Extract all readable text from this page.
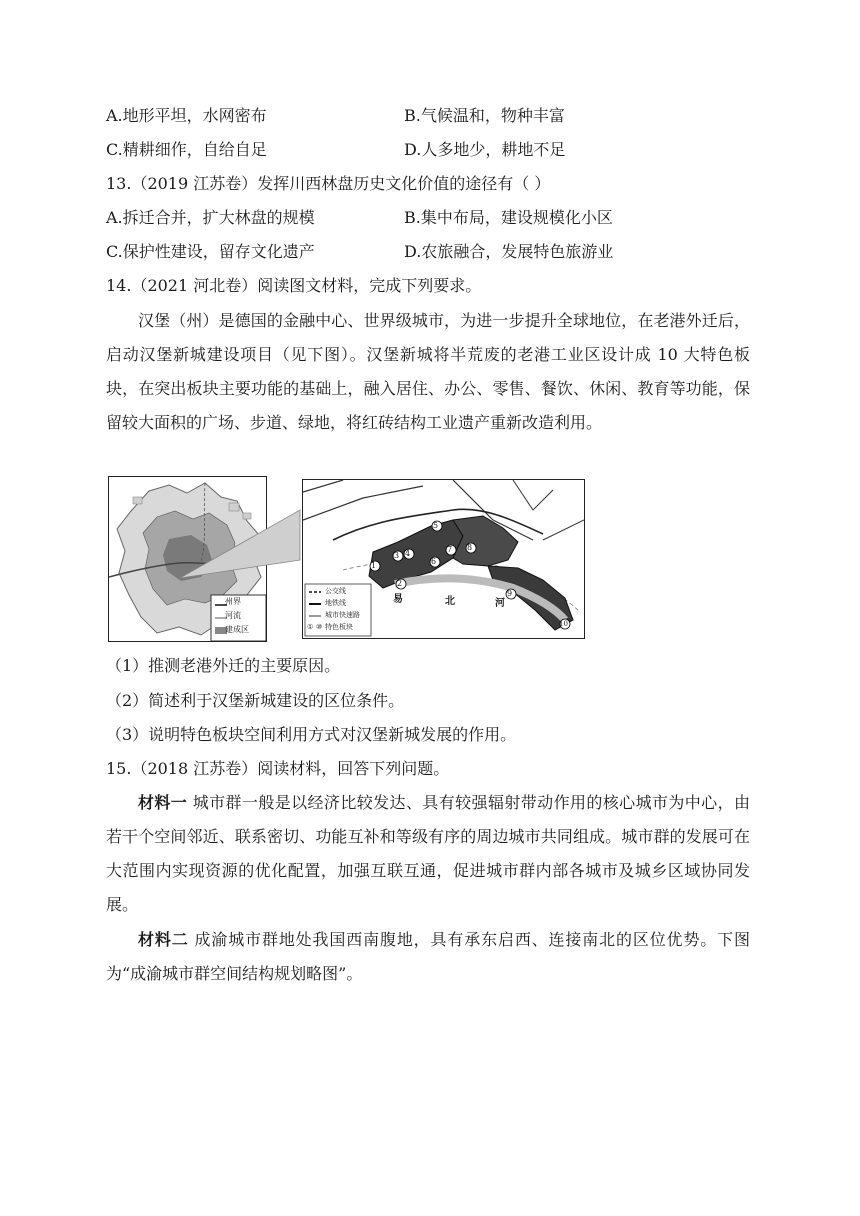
A.地形平坦，水网密布	B.气候温和，物种丰富
C.精耕细作，自给自足	D.人多地少，耕地不足
13.（2019 江苏卷）发挥川西林盘历史文化价值的途径有（ ）
A.拆迁合并，扩大林盘的规模	B.集中布局，建设规模化小区
C.保护性建设，留存文化遗产	D.农旅融合，发展特色旅游业
14.（2021 河北卷）阅读图文材料，完成下列要求。
汉堡（州）是德国的金融中心、世界级城市，为进一步提升全球地位，在老港外迁后，启动汉堡新城建设项目（见下图）。汉堡新城将半荒废的老港工业区设计成 10 大特色板块，在突出板块主要功能的基础上，融入居住、办公、零售、餐饮、休闲、教育等功能，保留较大面积的广场、步道、绿地，将红砖结构工业遗产重新改造利用。
州界
河流
建成区
公交线
地铁线
城市快速路
① ⑩ 特色板块
易	北	河
1
2
3 4
5
6
7 8
9
10
（1）推测老港外迁的主要原因。
（2）简述利于汉堡新城建设的区位条件。
（3）说明特色板块空间利用方式对汉堡新城发展的作用。
15.（2018 江苏卷）阅读材料，回答下列问题。
材料一 城市群一般是以经济比较发达、具有较强辐射带动作用的核心城市为中心，由若干个空间邻近、联系密切、功能互补和等级有序的周边城市共同组成。城市群的发展可在大范围内实现资源的优化配置，加强互联互通，促进城市群内部各城市及城乡区域协同发展。
材料二 成渝城市群地处我国西南腹地，具有承东启西、连接南北的区位优势。下图为“成渝城市群空间结构规划略图”。
